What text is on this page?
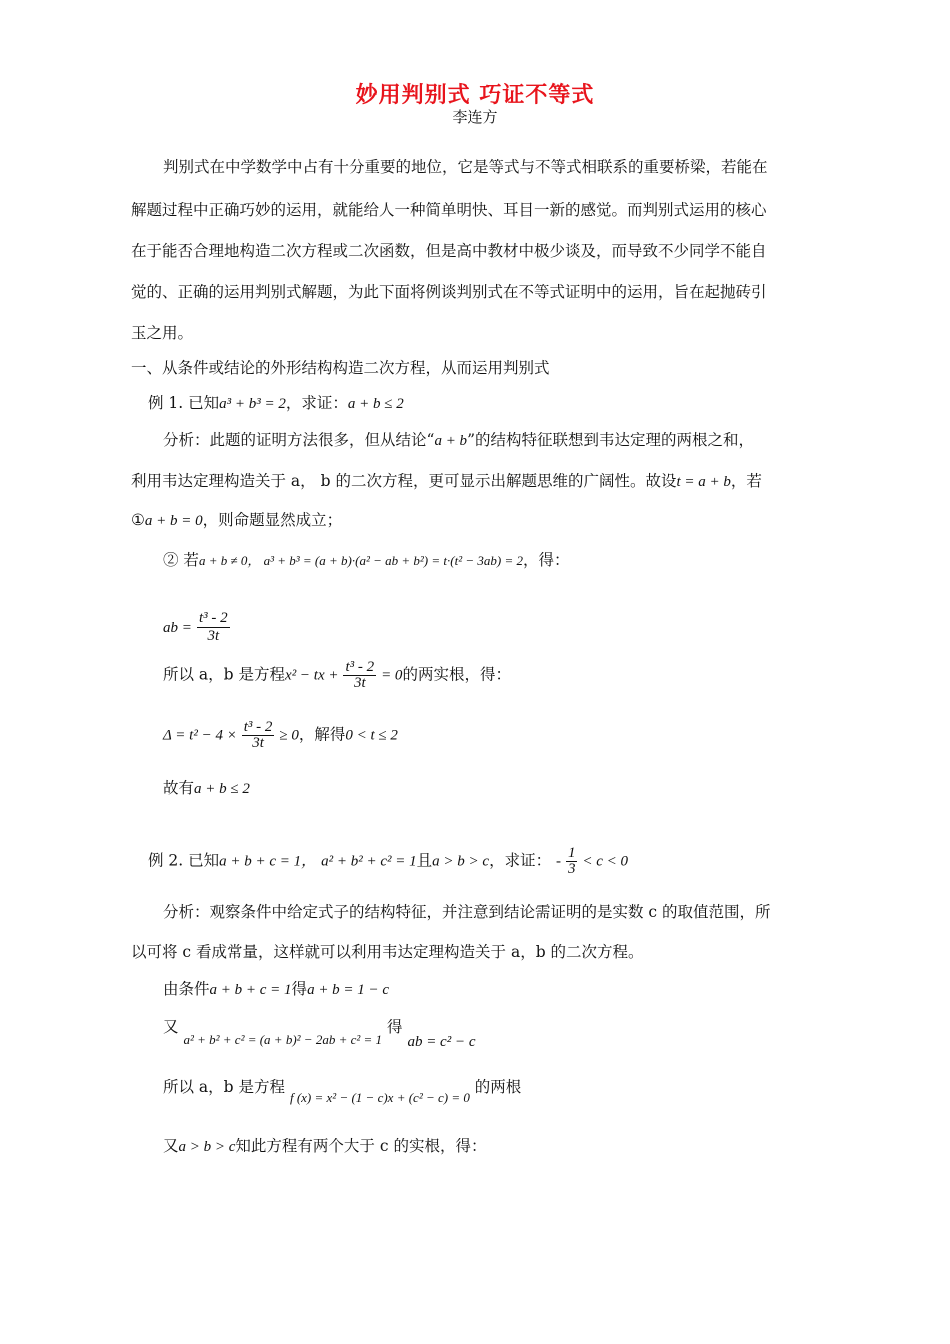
妙用判别式 巧证不等式
李连方
判别式在中学数学中占有十分重要的地位，它是等式与不等式相联系的重要桥梁，若能在
解题过程中正确巧妙的运用，就能给人一种简单明快、耳目一新的感觉。而判别式运用的核心
在于能否合理地构造二次方程或二次函数，但是高中教材中极少谈及，而导致不少同学不能自
觉的、正确的运用判别式解题，为此下面将例谈判别式在不等式证明中的运用，旨在起抛砖引
玉之用。
一、从条件或结论的外形结构构造二次方程，从而运用判别式
例 1. 已知a³ + b³ = 2，求证：a + b ≤ 2
分析：此题的证明方法很多，但从结论“a + b”的结构特征联想到韦达定理的两根之和，
利用韦达定理构造关于 a， b 的二次方程，更可显示出解题思维的广阔性。故设t = a + b，若
①a + b = 0，则命题显然成立；
② 若a + b ≠ 0， a³ + b³ = (a + b)·(a² − ab + b²) = t·(t² − 3ab) = 2，得：
ab = $\frac{\text{t³ - 2}}{3t}$
所以 a，b 是方程x² − tx + $\frac{\text{t³ - 2}}{3t} = 0$的两实根，得：
$\Delta = t^2 - 4 \times \frac{\text{t³ - 2}}{3t} \ge 0$，解得0 < t ≤ 2
故有a + b ≤ 2
例 2. 已知a + b + c = 1， a² + b² + c² = 1且a > b > c，求证： - $\frac{1}{3} < c < 0$
分析：观察条件中给定式子的结构特征，并注意到结论需证明的是实数 c 的取值范围，所
以可将 c 看成常量，这样就可以利用韦达定理构造关于 a，b 的二次方程。
由条件a + b + c = 1得a + b = 1 − c
又 $_{a^2 + b^2 + c^2 = (a + b)^2 - 2ab + c^2 = 1}$ 得 ab = c² − c
所以 a，b 是方程 $_{f (x) = x^2 - (1 - c)x + (c^2 - c) = 0}$ 的两根
又a > b > c知此方程有两个大于 c 的实根，得：
